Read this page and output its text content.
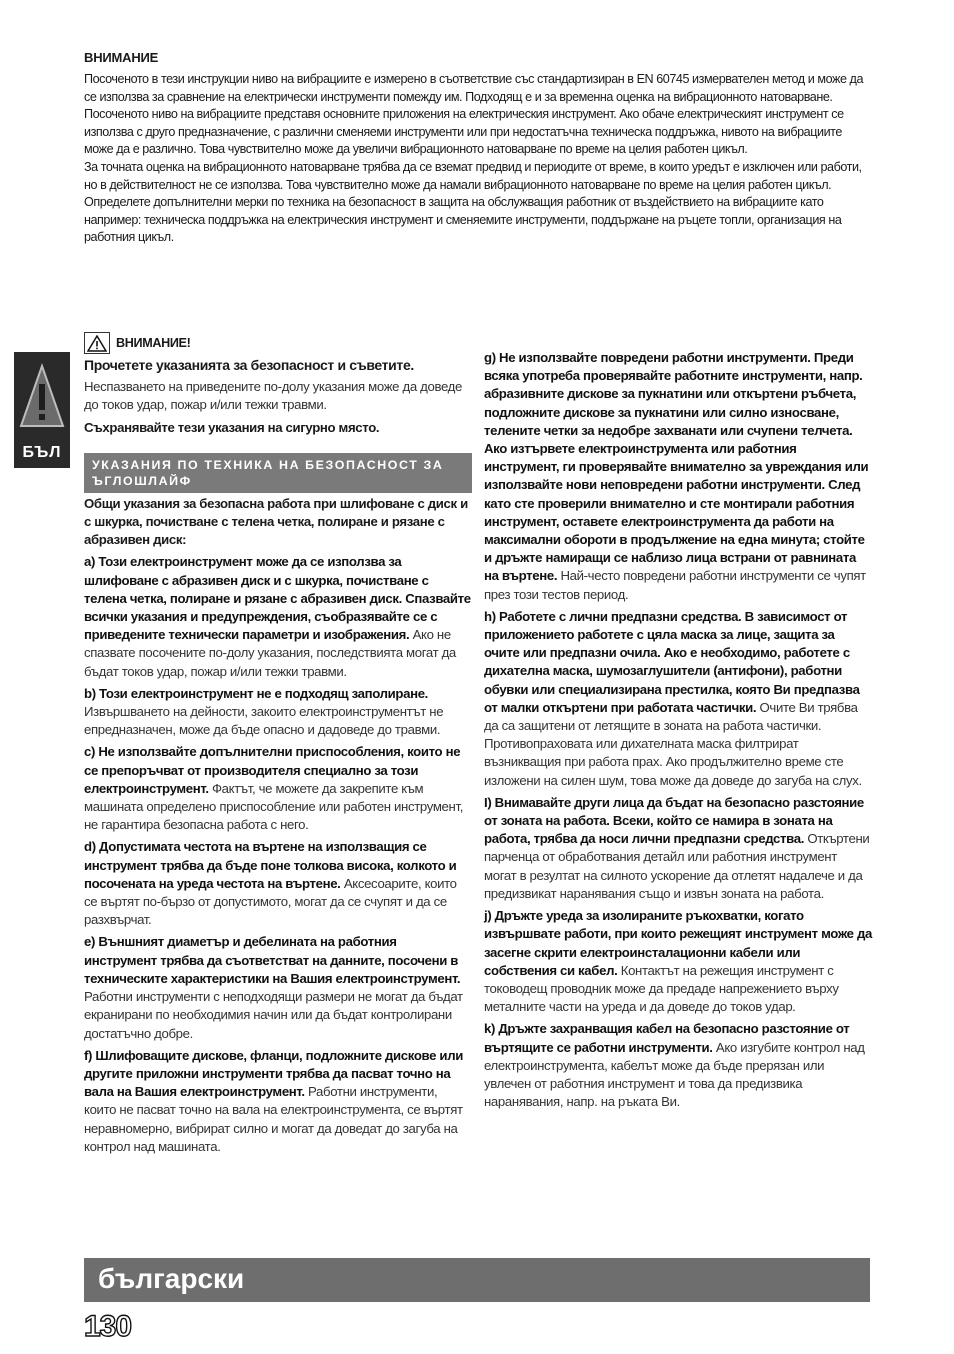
ВНИМАНИЕ

Посоченото в тези инструкции ниво на вибрациите е измерено в съответствие със стандартизиран в EN 60745 измервателен метод и може да се използва за сравнение на електрически инструменти помежду им. Подходящ е и за временна оценка на вибрационното натоварване.

Посоченото ниво на вибрациите представя основните приложения на електрическия инструмент. Ако обаче електрическият инструмент се използва с друго предназначение, с различни сменяеми инструменти или при недостатъчна техническа поддръжка, нивото на вибрациите може да е различно. Това чувствително може да увеличи вибрационното натоварване по време на целия работен цикъл.

За точната оценка на вибрационното натоварване трябва да се вземат предвид и периодите от време, в които уредът е изключен или работи, но в действителност не се използва. Това чувствително може да намали вибрационното натоварване по време на целия работен цикъл.

Определете допълнителни мерки по техника на безопасност в защита на обслужващия работник от въздействието на вибрациите като например: техническа поддръжка на електрическия инструмент и сменяемите инструменти, поддържане на ръцете топли, организация на работния цикъл.

БЪЛ
ВНИМАНИЕ!

Прочетете указанията за безопасност и съветите.

Неспазването на приведените по-долу указания може да доведе до токов удар, пожар и/или тежки травми.

Съхранявайте тези указания на сигурно място.

УКАЗАНИЯ ПО ТЕХНИКА НА БЕЗОПАСНОСТ ЗА ЪГЛОШЛАЙФ

Общи указания за безопасна работа при шлифоване с диск и с шкурка, почистване с телена четка, полиране и рязане с абразивен диск:

a) Този електроинструмент може да се използва за шлифоване с абразивен диск и с шкурка, почистване с телена четка, полиране и рязане с абразивен диск. Спазвайте всички указания и предупреждения, съобразявайте се с приведените технически параметри и изображения. Ако не спазвате посочените по-долу указания, последствията могат да бъдат токов удар, пожар и/или тежки травми.

b) Този електроинструмент не е подходящ заполиране. Извършването на дейности, закоито електроинструментът не епредназначен, може да бъде опасно и дадоведе до травми.

c) Не използвайте допълнителни приспособления, които не се препоръчват от производителя специално за този електроинструмент. Фактът, че можете да закрепите към машината определено приспособление или работен инструмент, не гарантира безопасна работа с него.

d) Допустимата честота на въртене на използващия се инструмент трябва да бъде поне толкова висока, колкото и посочената на уреда честота на въртене. Аксесоарите, които се въртят по-бързо от допустимото, могат да се счупят и да се разхвърчат.

e) Външният диаметър и дебелината на работния инструмент трябва да съответстват на данните, посочени в техническите характеристики на Вашия електроинструмент. Работни инструменти с неподходящи размери не могат да бъдат екранирани по необходимия начин или да бъдат контролирани достатъчно добре.

f) Шлифоващите дискове, фланци, подложните дискове или другите приложни инструменти трябва да пасват точно на вала на Вашия електроинструмент. Работни инструменти, които не пасват точно на вала на електроинструмента, се въртят неравномерно, вибрират силно и могат да доведат до загуба на контрол над машината.

g) Не използвайте повредени работни инструменти. Преди всяка употреба проверявайте работните инструменти, напр. абразивните дискове за пукнатини или откъртени ръбчета, подложните дискове за пукнатини или силно износване, телените четки за недобре захванати или счупени телчета. Ако изтървете електроинструмента или работния инструмент, ги проверявайте внимателно за увреждания или използвайте нови неповредени работни инструменти. След като сте проверили внимателно и сте монтирали работния инструмент, оставете електроинструмента да работи на максимални обороти в продължение на една минута; стойте и дръжте намиращи се наблизо лица встрани от равнината на въртене. Най-често повредени работни инструменти се чупят през този тестов период.

h) Работете с лични предпазни средства. В зависимост от приложението работете с цяла маска за лице, защита за очите или предпазни очила. Ако е необходимо, работете с дихателна маска, шумозаглушители (антифони), работни обувки или специализирана престилка, която Ви предпазва от малки откъртени при работата частички. Очите Ви трябва да са защитени от летящите в зоната на работа частички. Противопраховата или дихателната маска филтрират възникващия при работа прах. Ако продължително време сте изложени на силен шум, това може да доведе до загуба на слух.

I) Внимавайте други лица да бъдат на безопасно разстояние от зоната на работа. Всеки, който се намира в зоната на работа, трябва да носи лични предпазни средства. Откъртени парченца от обработвания детайл или работния инструмент могат в резултат на силното ускорение да отлетят надалече и да предизвикат наранявания също и извън зоната на работа.

j) Дръжте уреда за изолираните ръкохватки, когато извършвате работи, при които режещият инструмент може да засегне скрити електроинсталационни кабели или собствения си кабел. Контактът на режещия инструмент с тоководещ проводник може да предаде напрежението върху металните части на уреда и да доведе до токов удар.

k) Дръжте захранващия кабел на безопасно разстояние от въртящите се работни инструменти. Ако изгубите контрол над електроинструмента, кабелът може да бъде прерязан или увлечен от работния инструмент и това да предизвика наранявания, напр. на ръката Ви.

български
130
